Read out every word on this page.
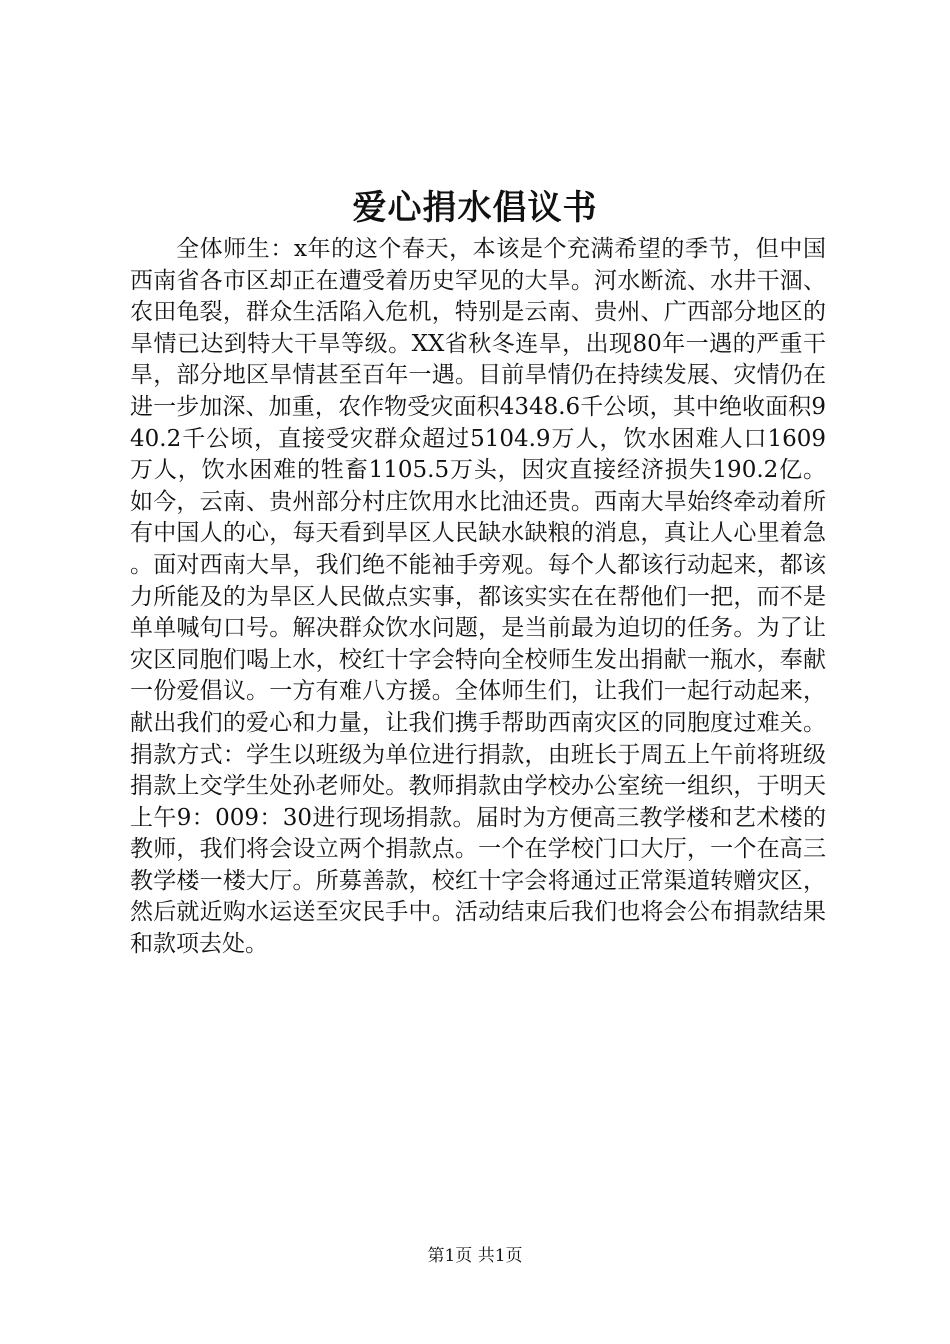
爱心捐水倡议书

全体师生：x年的这个春天，本该是个充满希望的季节，但中国西南省各市区却正在遭受着历史罕见的大旱。河水断流、水井干涸、农田龟裂，群众生活陷入危机，特别是云南、贵州、广西部分地区的旱情已达到特大干旱等级。XX省秋冬连旱，出现80年一遇的严重干旱，部分地区旱情甚至百年一遇。目前旱情仍在持续发展、灾情仍在进一步加深、加重，农作物受灾面积4348.6千公顷，其中绝收面积940.2千公顷，直接受灾群众超过5104.9万人，饮水困难人口1609万人，饮水困难的牲畜1105.5万头，因灾直接经济损失190.2亿。如今，云南、贵州部分村庄饮用水比油还贵。西南大旱始终牵动着所有中国人的心，每天看到旱区人民缺水缺粮的消息，真让人心里着急。面对西南大旱，我们绝不能袖手旁观。每个人都该行动起来，都该力所能及的为旱区人民做点实事，都该实实在在帮他们一把，而不是单单喊句口号。解决群众饮水问题，是当前最为迫切的任务。为了让灾区同胞们喝上水，校红十字会特向全校师生发出捐献一瓶水，奉献一份爱倡议。一方有难八方援。全体师生们，让我们一起行动起来，献出我们的爱心和力量，让我们携手帮助西南灾区的同胞度过难关。捐款方式：学生以班级为单位进行捐款，由班长于周五上午前将班级捐款上交学生处孙老师处。教师捐款由学校办公室统一组织，于明天上午9：009：30进行现场捐款。届时为方便高三教学楼和艺术楼的教师，我们将会设立两个捐款点。一个在学校门口大厅，一个在高三教学楼一楼大厅。所募善款，校红十字会将通过正常渠道转赠灾区，然后就近购水运送至灾民手中。活动结束后我们也将会公布捐款结果和款项去处。

第1页 共1页
